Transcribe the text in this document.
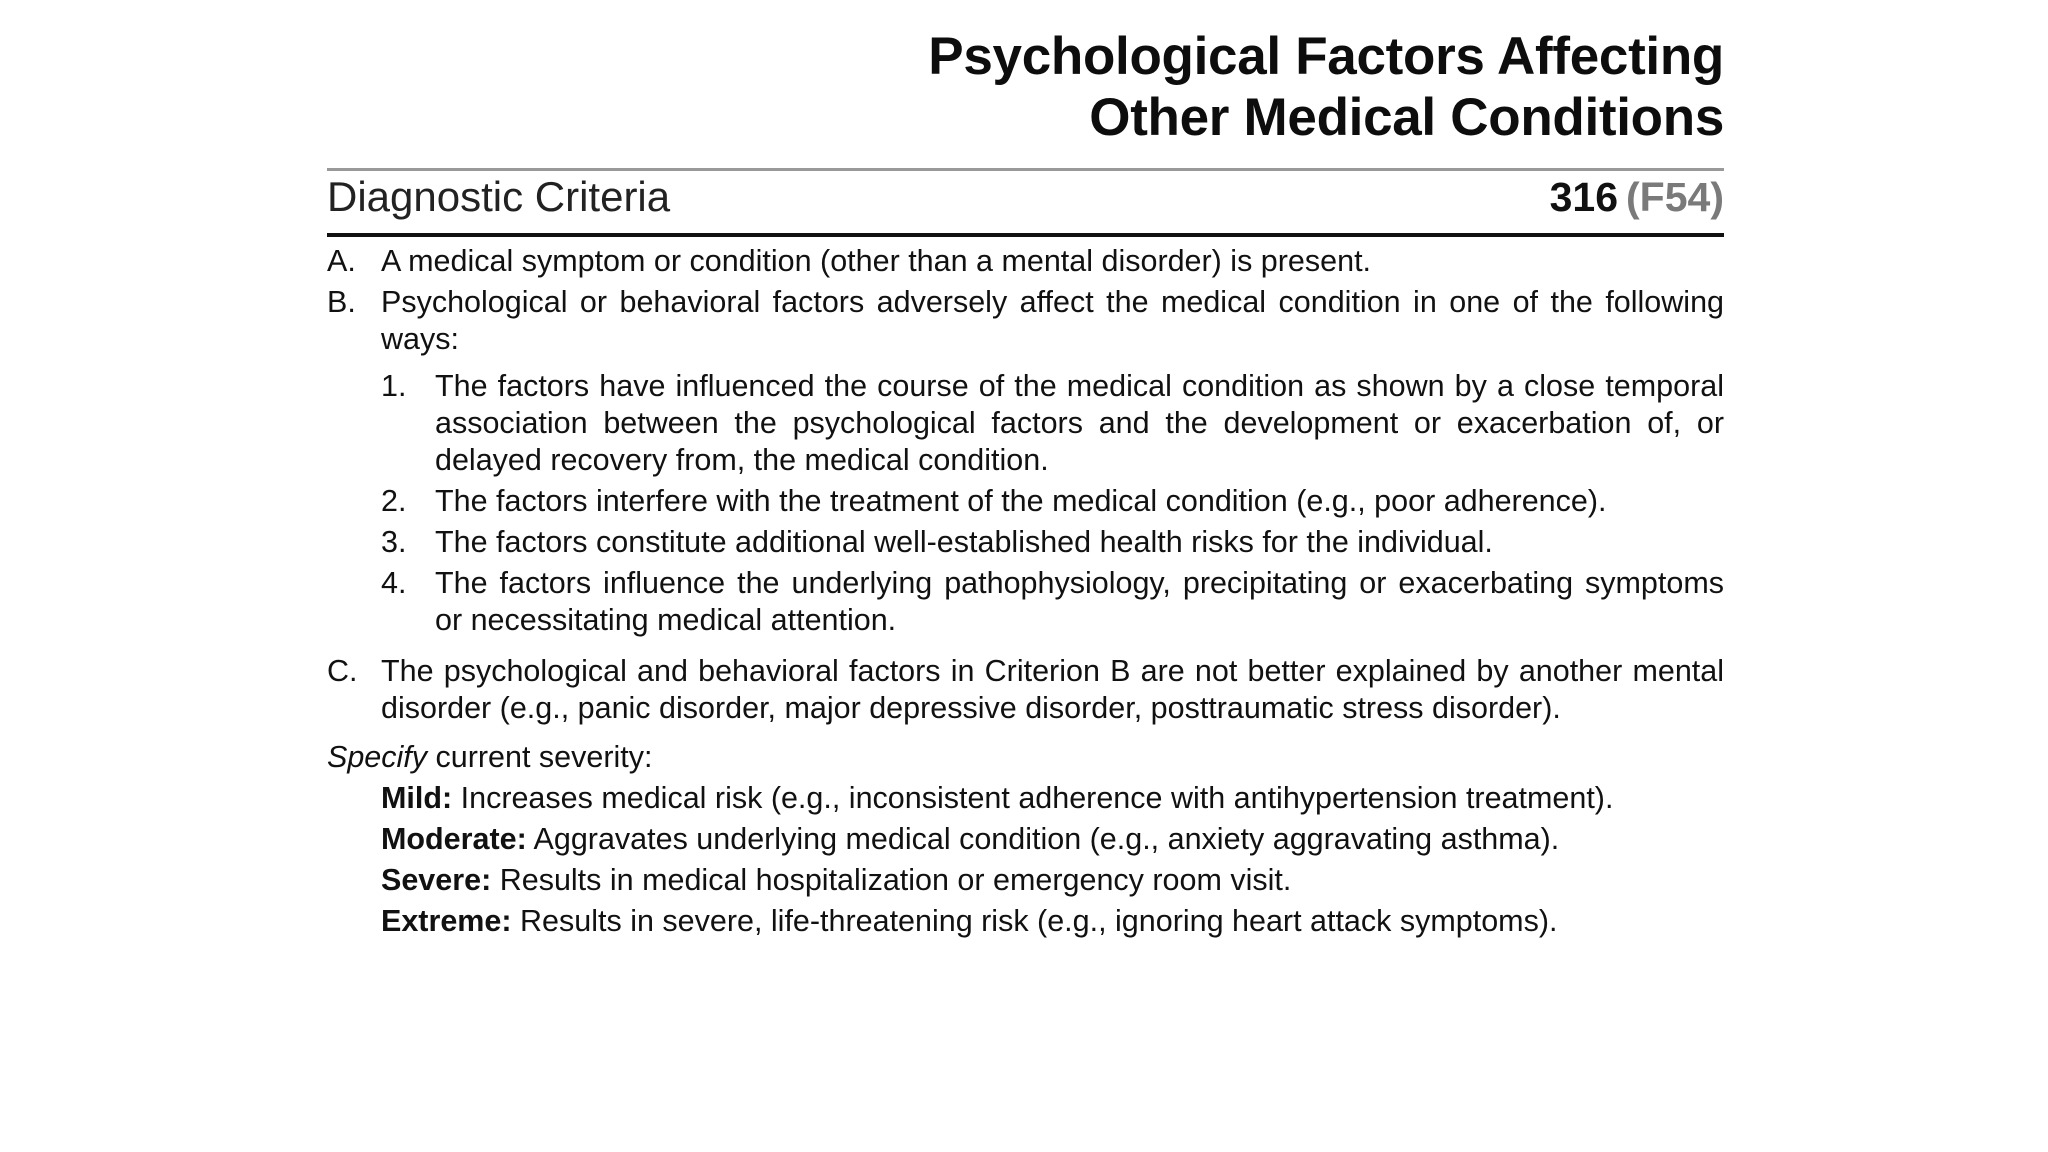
Psychological Factors Affecting
Other Medical Conditions
Diagnostic Criteria	316 (F54)
A. A medical symptom or condition (other than a mental disorder) is present.
B. Psychological or behavioral factors adversely affect the medical condition in one of the following ways:
1. The factors have influenced the course of the medical condition as shown by a close temporal association between the psychological factors and the development or exacerbation of, or delayed recovery from, the medical condition.
2. The factors interfere with the treatment of the medical condition (e.g., poor adherence).
3. The factors constitute additional well-established health risks for the individual.
4. The factors influence the underlying pathophysiology, precipitating or exacerbating symptoms or necessitating medical attention.
C. The psychological and behavioral factors in Criterion B are not better explained by another mental disorder (e.g., panic disorder, major depressive disorder, posttraumatic stress disorder).
Specify current severity:
Mild: Increases medical risk (e.g., inconsistent adherence with antihypertension treatment).
Moderate: Aggravates underlying medical condition (e.g., anxiety aggravating asthma).
Severe: Results in medical hospitalization or emergency room visit.
Extreme: Results in severe, life-threatening risk (e.g., ignoring heart attack symptoms).
